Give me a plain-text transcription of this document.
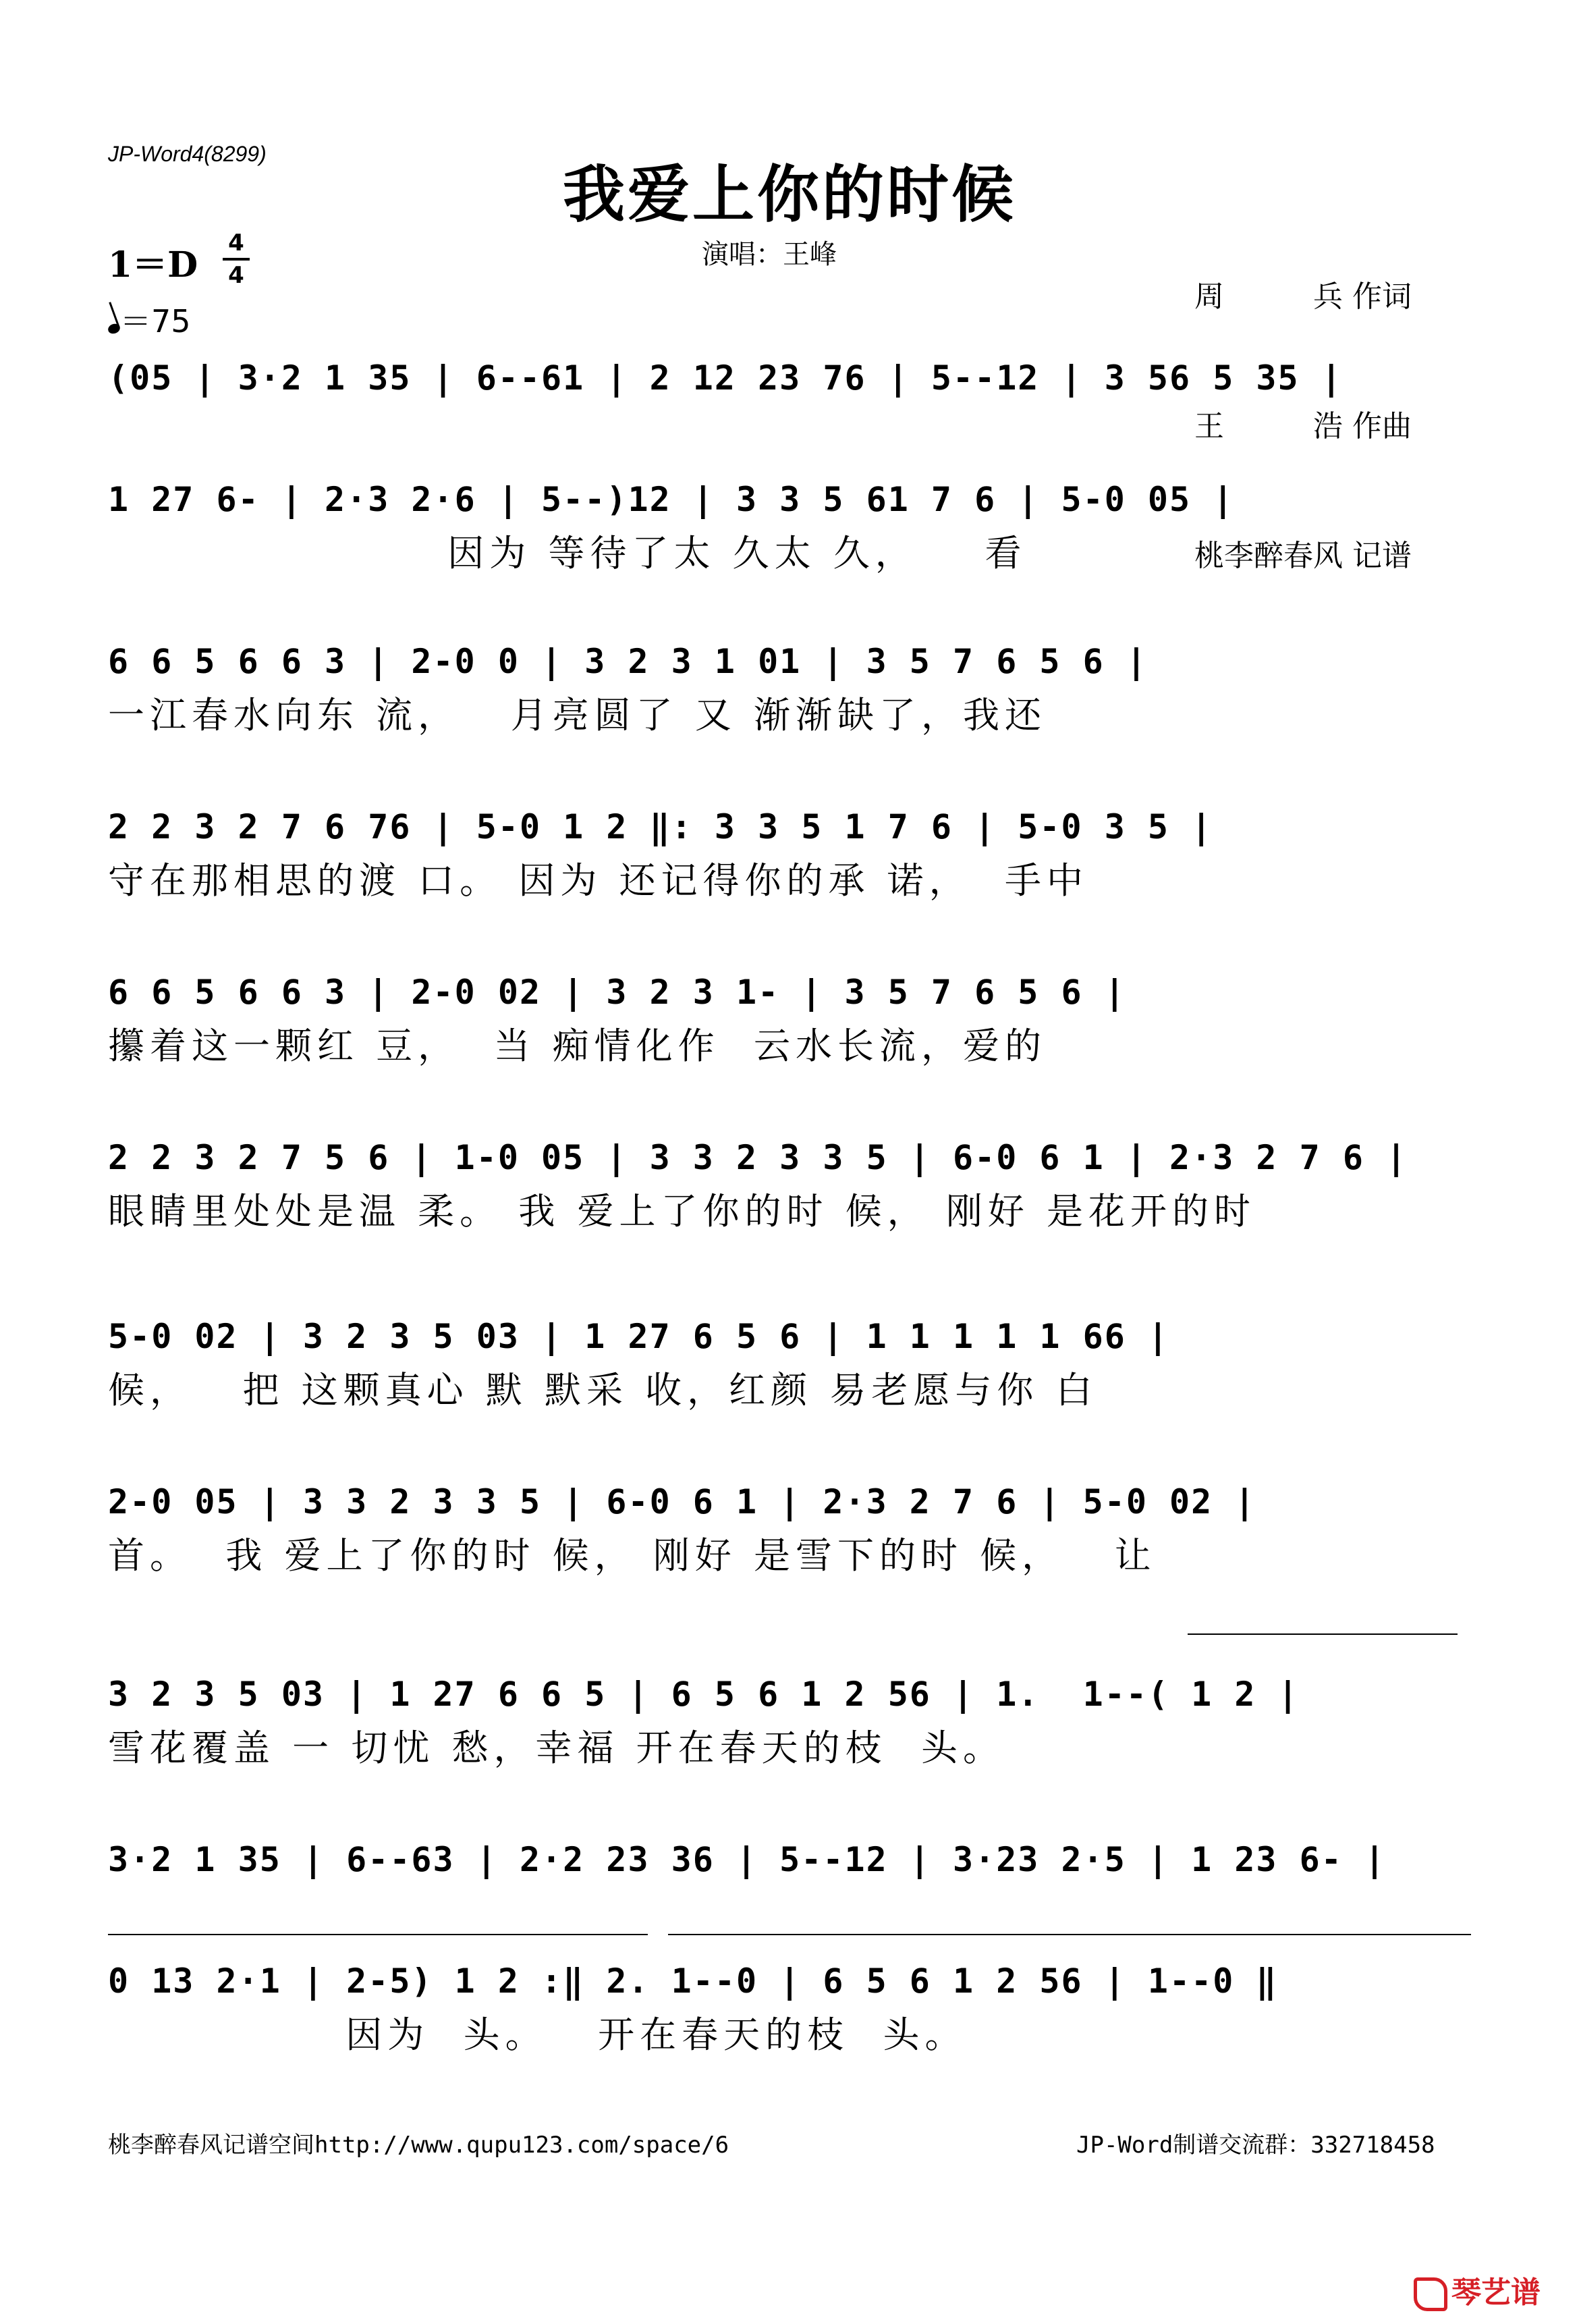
JP-Word4(8299)
我爱上你的时候
演唱：王峰

周　　　兵 作词

王　　　浩 作曲

桃李醉春风 记谱

1＝D
4
4
＝75
(05 | 3·2 1 35 | 6--61 | 2 12 23 76 | 5--12 | 3 56 5 35 |
1 27 6- | 2·3 2·6 | 5--)12 | 3 3 5 61 7 6 | 5-0 05 |
因为 等待了太 久太 久，    看
6 6 5 6 6 3 | 2-0 0 | 3 2 3 1 01 | 3 5 7 6 5 6 |
一江春水向东 流，   月亮圆了 又 渐渐缺了，我还
2 2 3 2 7 6 76 | 5-0 1 2 ‖: 3 3 5 1 7 6 | 5-0 3 5 |
守在那相思的渡 口。 因为 还记得你的承 诺，  手中
6 6 5 6 6 3 | 2-0 02 | 3 2 3 1- | 3 5 7 6 5 6 |
攥着这一颗红 豆，  当 痴情化作  云水长流，爱的
2 2 3 2 7 5 6 | 1-0 05 | 3 3 2 3 3 5 | 6-0 6 1 | 2·3 2 7 6 |
眼睛里处处是温 柔。 我 爱上了你的时 候， 刚好 是花开的时
5-0 02 | 3 2 3 5 03 | 1 27 6 5 6 | 1 1 1 1 1 66 |
候，   把 这颗真心 默 默采 收，红颜 易老愿与你 白
2-0 05 | 3 3 2 3 3 5 | 6-0 6 1 | 2·3 2 7 6 | 5-0 02 |
首。  我 爱上了你的时 候， 刚好 是雪下的时 候，   让
3 2 3 5 03 | 1 27 6 6 5 | 6 5 6 1 2 56 | 1.  1--( 1 2 |
雪花覆盖 一 切忧 愁，幸福 开在春天的枝  头。
3·2 1 35 | 6--63 | 2·2 23 36 | 5--12 | 3·23 2·5 | 1 23 6- |
0 13 2·1 | 2-5) 1 2 :‖ 2. 1--0 | 6 5 6 1 2 56 | 1--0 ‖
因为  头。   开在春天的枝  头。
桃李醉春风记谱空间http://www.qupu123.com/space/6	JP-Word制谱交流群：332718458
琴艺谱
